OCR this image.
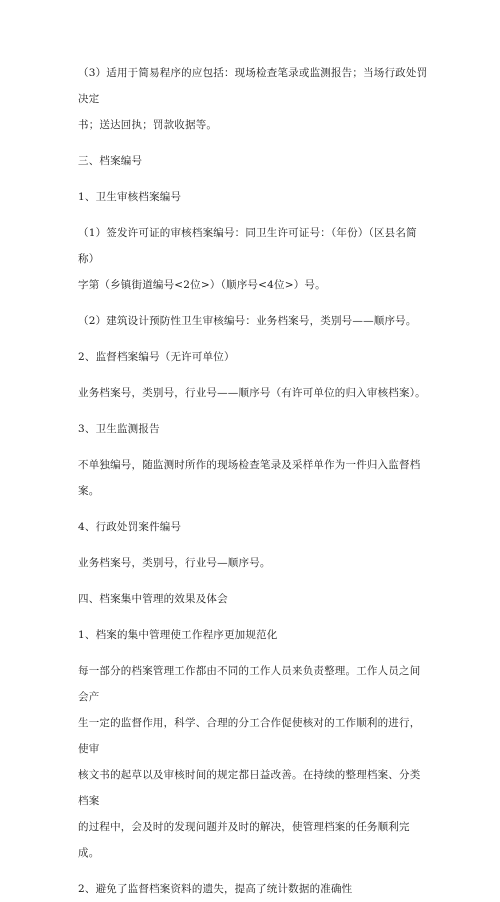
（3）适用于简易程序的应包括：现场检查笔录或监测报告；当场行政处罚决定

书；送达回执；罚款收据等。

三、档案编号

1、卫生审核档案编号

（1）签发许可证的审核档案编号：同卫生许可证号：（年份）（区县名简称）

字第（乡镇街道编号<2位>）（顺序号<4位>）号。

（2）建筑设计预防性卫生审核编号：业务档案号，类别号——顺序号。

2、监督档案编号（无许可单位）

业务档案号，类别号，行业号——顺序号（有许可单位的归入审核档案）。

3、卫生监测报告

不单独编号，随监测时所作的现场检查笔录及采样单作为一件归入监督档案。

4、行政处罚案件编号

业务档案号，类别号，行业号—顺序号。

四、档案集中管理的效果及体会

1、档案的集中管理使工作程序更加规范化

每一部分的档案管理工作都由不同的工作人员来负责整理。工作人员之间会产

生一定的监督作用，科学、合理的分工合作促使核对的工作顺利的进行，使审

核文书的起草以及审核时间的规定都日益改善。在持续的整理档案、分类档案

的过程中，会及时的发现问题并及时的解决，使管理档案的任务顺利完成。

2、避免了监督档案资料的遗失，提高了统计数据的准确性
